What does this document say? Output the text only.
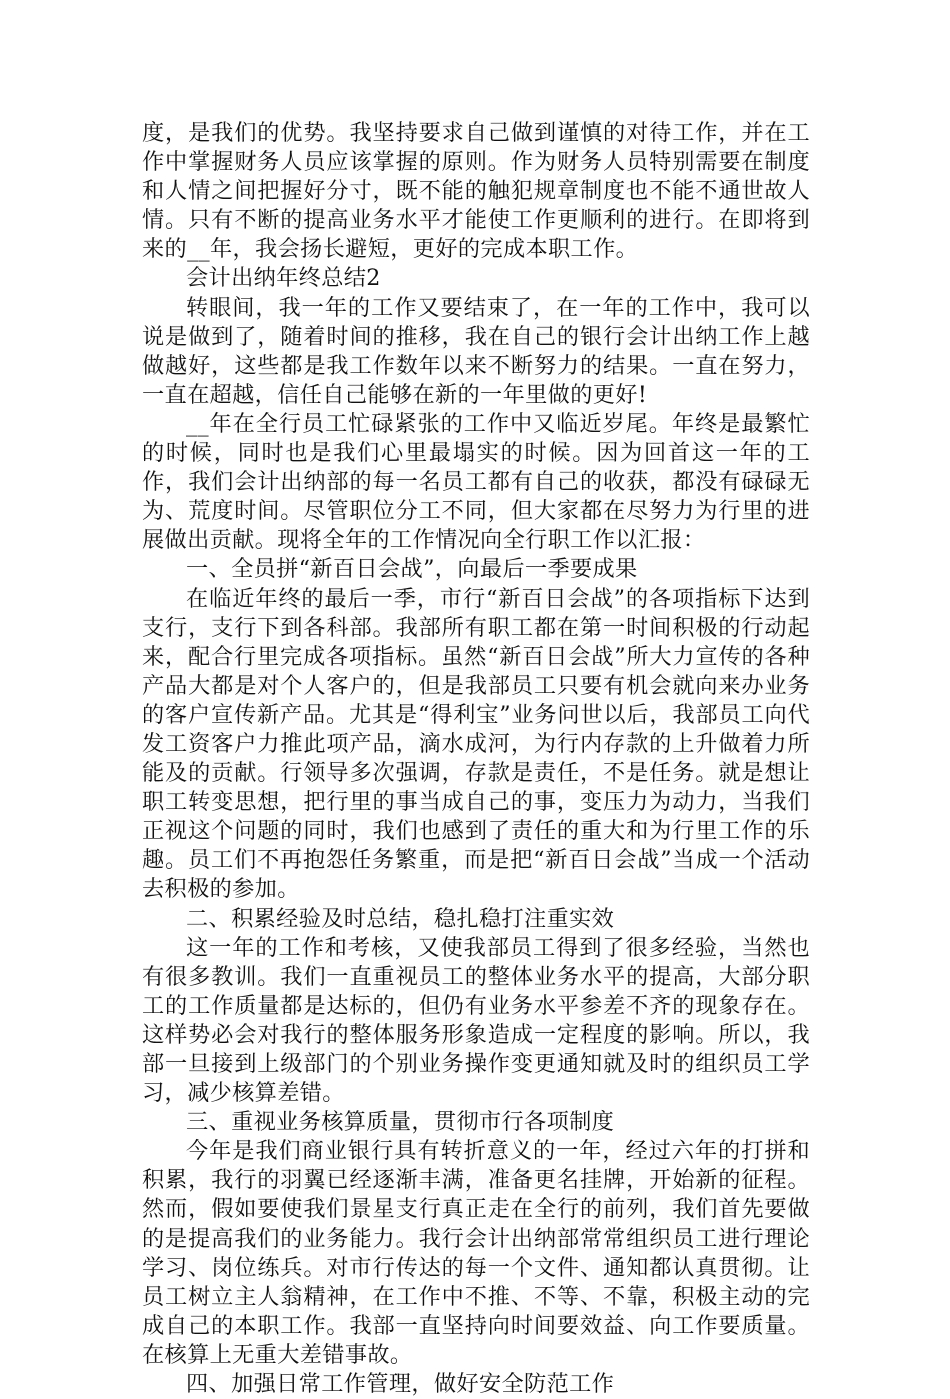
度，是我们的优势。我坚持要求自己做到谨慎的对待工作，并在工作中掌握财务人员应该掌握的原则。作为财务人员特别需要在制度和人情之间把握好分寸，既不能的触犯规章制度也不能不通世故人情。只有不断的提高业务水平才能使工作更顺利的进行。在即将到来的__年，我会扬长避短，更好的完成本职工作。

会计出纳年终总结2

转眼间，我一年的工作又要结束了，在一年的工作中，我可以说是做到了，随着时间的推移，我在自己的银行会计出纳工作上越做越好，这些都是我工作数年以来不断努力的结果。一直在努力，一直在超越，信任自己能够在新的一年里做的更好!

__年在全行员工忙碌紧张的工作中又临近岁尾。年终是最繁忙的时候，同时也是我们心里最塌实的时候。因为回首这一年的工作，我们会计出纳部的每一名员工都有自己的收获，都没有碌碌无为、荒度时间。尽管职位分工不同，但大家都在尽努力为行里的进展做出贡献。现将全年的工作情况向全行职工作以汇报：

一、全员拼“新百日会战”，向最后一季要成果

在临近年终的最后一季，市行“新百日会战”的各项指标下达到支行，支行下到各科部。我部所有职工都在第一时间积极的行动起来，配合行里完成各项指标。虽然“新百日会战”所大力宣传的各种产品大都是对个人客户的，但是我部员工只要有机会就向来办业务的客户宣传新产品。尤其是“得利宝”业务问世以后，我部员工向代发工资客户力推此项产品，滴水成河，为行内存款的上升做着力所能及的贡献。行领导多次强调，存款是责任，不是任务。就是想让职工转变思想，把行里的事当成自己的事，变压力为动力，当我们正视这个问题的同时，我们也感到了责任的重大和为行里工作的乐趣。员工们不再抱怨任务繁重，而是把“新百日会战”当成一个活动去积极的参加。

二、积累经验及时总结，稳扎稳打注重实效

这一年的工作和考核，又使我部员工得到了很多经验，当然也有很多教训。我们一直重视员工的整体业务水平的提高，大部分职工的工作质量都是达标的，但仍有业务水平参差不齐的现象存在。这样势必会对我行的整体服务形象造成一定程度的影响。所以，我部一旦接到上级部门的个别业务操作变更通知就及时的组织员工学习，减少核算差错。

三、重视业务核算质量，贯彻市行各项制度

今年是我们商业银行具有转折意义的一年，经过六年的打拼和积累，我行的羽翼已经逐渐丰满，准备更名挂牌，开始新的征程。然而，假如要使我们景星支行真正走在全行的前列，我们首先要做的是提高我们的业务能力。我行会计出纳部常常组织员工进行理论学习、岗位练兵。对市行传达的每一个文件、通知都认真贯彻。让员工树立主人翁精神，在工作中不推、不等、不靠，积极主动的完成自己的本职工作。我部一直坚持向时间要效益、向工作要质量。在核算上无重大差错事故。

四、加强日常工作管理，做好安全防范工作
